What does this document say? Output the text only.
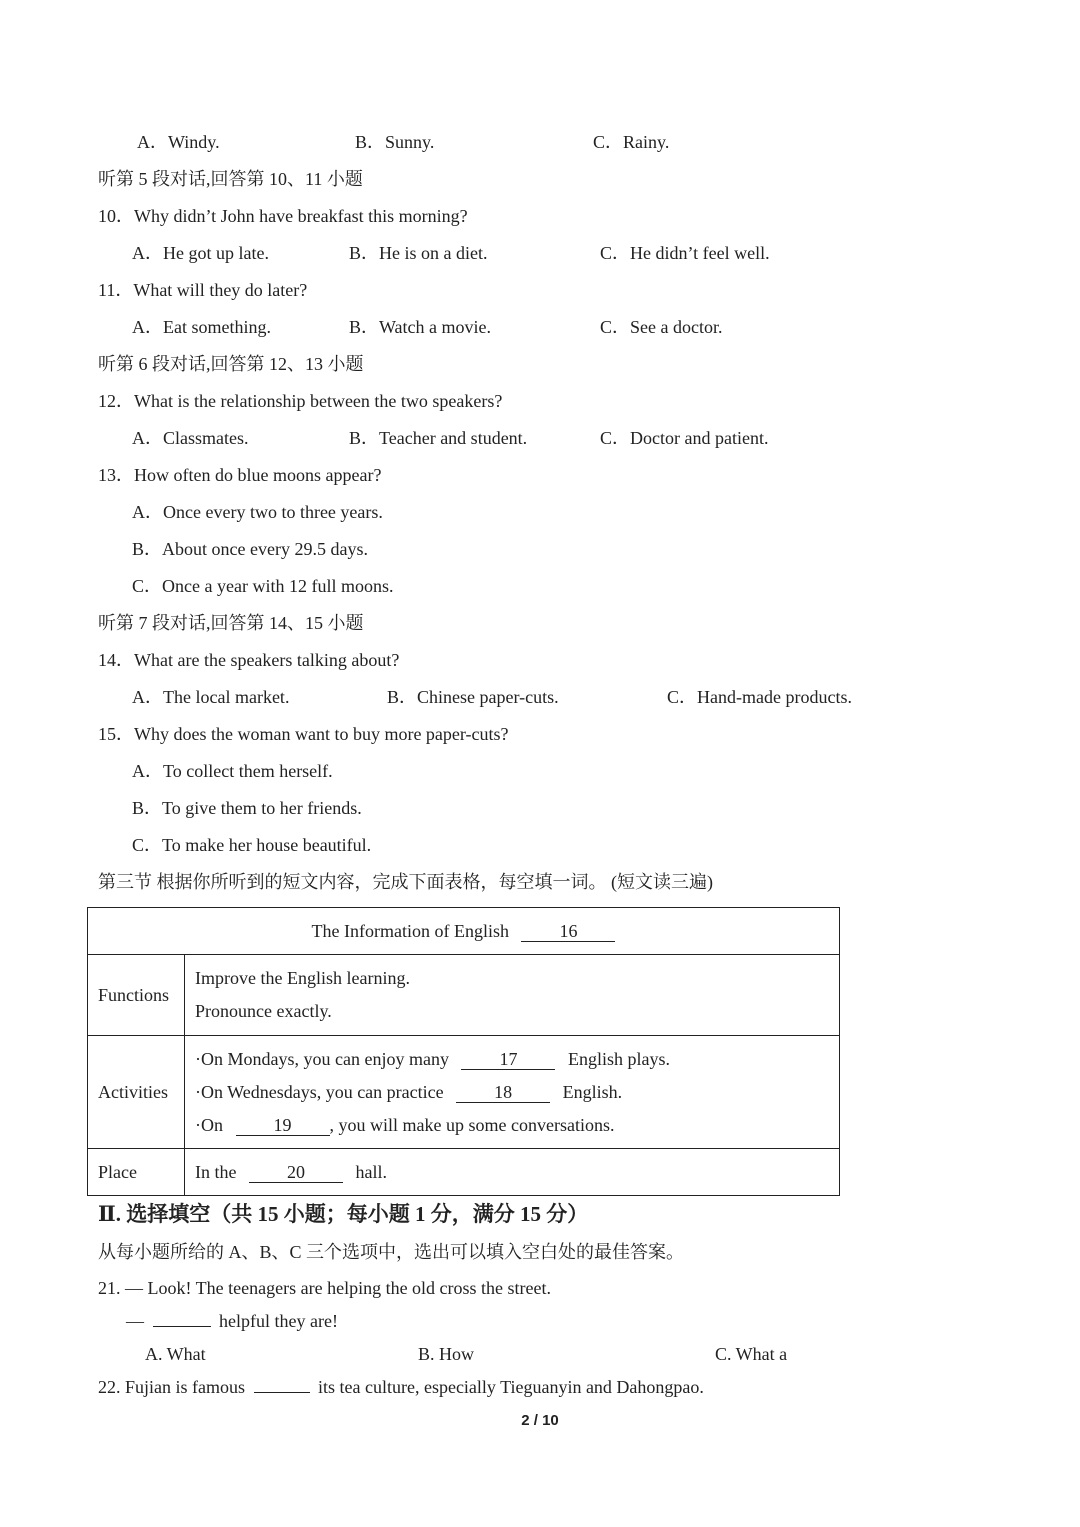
A．Windy.	B．Sunny.	C．Rainy.
听第 5 段对话,回答第 10、11 小题
10．Why didn’t John have breakfast this morning?
A．He got up late.	B．He is on a diet.	C．He didn’t feel well.
11．What will they do later?
A．Eat something.	B．Watch a movie.	C．See a doctor.
听第 6 段对话,回答第 12、13 小题
12．What is the relationship between the two speakers?
A．Classmates.	B．Teacher and student.	C．Doctor and patient.
13．How often do blue moons appear?
A．Once every two to three years.
B．About once every 29.5 days.
C．Once a year with 12 full moons.
听第 7 段对话,回答第 14、15 小题
14．What are the speakers talking about?
A．The local market.	B．Chinese paper-cuts.	C．Hand-made products.
15．Why does the woman want to buy more paper-cuts?
A．To collect them herself.
B．To give them to her friends.
C．To make her house beautiful.
第三节 根据你所听到的短文内容，完成下面表格，每空填一词。 (短文读三遍)
The Information of English 16	
Functions	Improve the English learning.
Pronounce exactly.

Activities	·On Mondays, you can enjoy many 17 English plays.
·On Wednesdays, you can practice 18 English.
·On 19 , you will make up some conversations.

Place	In the 20 hall.
Ⅱ. 选择填空（共 15 小题；每小题 1 分，满分 15 分）
从每小题所给的 A、B、C 三个选项中，选出可以填入空白处的最佳答案。
21. — Look! The teenagers are helping the old cross the street.
—	helpful they are!
A. What	B. How	C. What a
22. Fujian is famous	its tea culture, especially Tieguanyin and Dahongpao.
2 / 10
